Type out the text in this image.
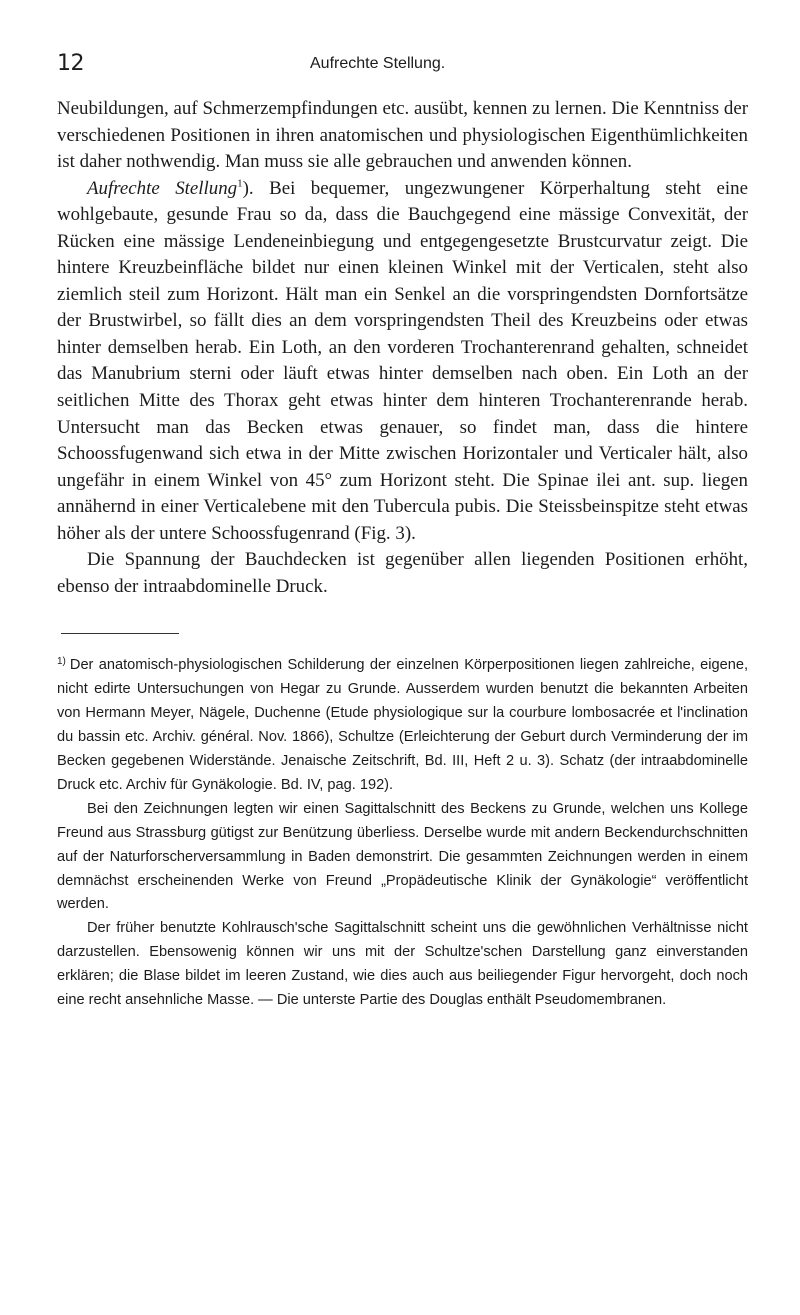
12	Aufrechte Stellung.

Neubildungen, auf Schmerzempfindungen etc. ausübt, kennen zu lernen. Die Kenntniss der verschiedenen Positionen in ihren anatomischen und physiologischen Eigenthümlichkeiten ist daher nothwendig. Man muss sie alle gebrauchen und anwenden können.

Aufrechte Stellung$^1$). Bei bequemer, ungezwungener Körperhaltung steht eine wohlgebaute, gesunde Frau so da, dass die Bauchgegend eine mässige Convexität, der Rücken eine mässige Lendeneinbiegung und entgegengesetzte Brustcurvatur zeigt. Die hintere Kreuzbeinfläche bildet nur einen kleinen Winkel mit der Verticalen, steht also ziemlich steil zum Horizont. Hält man ein Senkel an die vorspringendsten Dornfortsätze der Brustwirbel, so fällt dies an dem vorspringendsten Theil des Kreuzbeins oder etwas hinter demselben herab. Ein Loth, an den vorderen Trochanterenrand gehalten, schneidet das Manubrium sterni oder läuft etwas hinter demselben nach oben. Ein Loth an der seitlichen Mitte des Thorax geht etwas hinter dem hinteren Trochanterenrande herab. Untersucht man das Becken etwas genauer, so findet man, dass die hintere Schoossfugenwand sich etwa in der Mitte zwischen Horizontaler und Verticaler hält, also ungefähr in einem Winkel von 45° zum Horizont steht. Die Spinae ilei ant. sup. liegen annähernd in einer Verticalebene mit den Tubercula pubis. Die Steissbeinspitze steht etwas höher als der untere Schoossfugenrand (Fig. 3).

Die Spannung der Bauchdecken ist gegenüber allen liegenden Positionen erhöht, ebenso der intraabdominelle Druck.

$^{1)}$ Der anatomisch-physiologischen Schilderung der einzelnen Körperpositionen liegen zahlreiche, eigene, nicht edirte Untersuchungen von Hegar zu Grunde. Ausserdem wurden benutzt die bekannten Arbeiten von Hermann Meyer, Nägele, Duchenne (Etude physiologique sur la courbure lombosacrée et l'inclination du bassin etc. Archiv. général. Nov. 1866), Schultze (Erleichterung der Geburt durch Verminderung der im Becken gegebenen Widerstände. Jenaische Zeitschrift, Bd. III, Heft 2 u. 3). Schatz (der intraabdominelle Druck etc. Archiv für Gynäkologie. Bd. IV, pag. 192).

Bei den Zeichnungen legten wir einen Sagittalschnitt des Beckens zu Grunde, welchen uns Kollege Freund aus Strassburg gütigst zur Benützung überliess. Derselbe wurde mit andern Beckendurchschnitten auf der Naturforscherversammlung in Baden demonstrirt. Die gesammten Zeichnungen werden in einem demnächst erscheinenden Werke von Freund „Propädeutische Klinik der Gynäkologie“ veröffentlicht werden.

Der früher benutzte Kohlrausch'sche Sagittalschnitt scheint uns die gewöhnlichen Verhältnisse nicht darzustellen. Ebensowenig können wir uns mit der Schultze'schen Darstellung ganz einverstanden erklären; die Blase bildet im leeren Zustand, wie dies auch aus beiliegender Figur hervorgeht, doch noch eine recht ansehnliche Masse. — Die unterste Partie des Douglas enthält Pseudomembranen.
